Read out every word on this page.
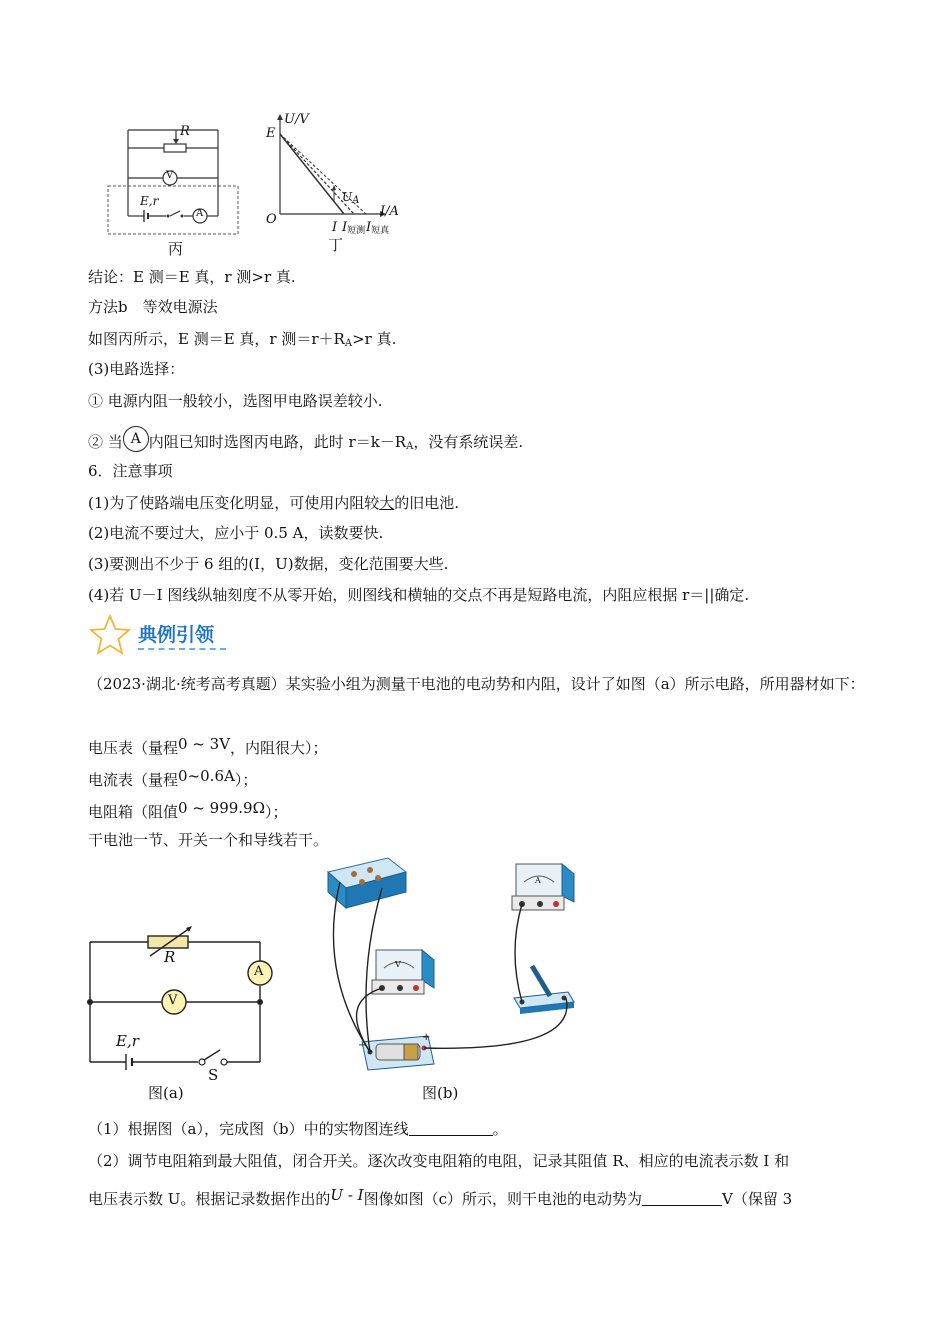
R
V
E,r
A
丙
U/V
E
O
$U_A$
I/A
I $I_{短测}$ $I_{短真}$
丁
结论：E 测＝E 真，r 测>r 真.
方法b　等效电源法
如图丙所示，E 测＝E 真，r 测$=r+R_A>r$ 真.
(3)电路选择：
① 电源内阻一般较小，选图甲电路误差较小.
② 当 A 内阻已知时选图丙电路，此时 $r=k-R_A$，没有系统误差.
6．注意事项
(1)为了使路端电压变化明显，可使用内阻较大的旧电池.
(2)电流不要过大，应小于 0.5 A，读数要快.
(3)要测出不少于 6 组的(I，U)数据，变化范围要大些.
(4)若 U－I 图线纵轴刻度不从零开始，则图线和横轴的交点不再是短路电流，内阻应根据 r＝||确定.
典例引领
（2023·湖北·统考高考真题）某实验小组为测量干电池的电动势和内阻，设计了如图（a）所示电路，所用器材如下：
电压表（量程0 ~ 3V，内阻很大）；
电流表（量程0~0.6A）；
电阻箱（阻值0 ~ 999.9Ω）；
干电池一节、开关一个和导线若干。
R
A
V
E,r
S
图(a)
A
V
−
+
图(b)
（1）根据图（a），完成图（b）中的实物图连线	。
（2）调节电阻箱到最大阻值，闭合开关。逐次改变电阻箱的电阻，记录其阻值 R、相应的电流表示数 I 和
电压表示数 U。根据记录数据作出的U - I图像如图（c）所示，则干电池的电动势为	V（保留 3
